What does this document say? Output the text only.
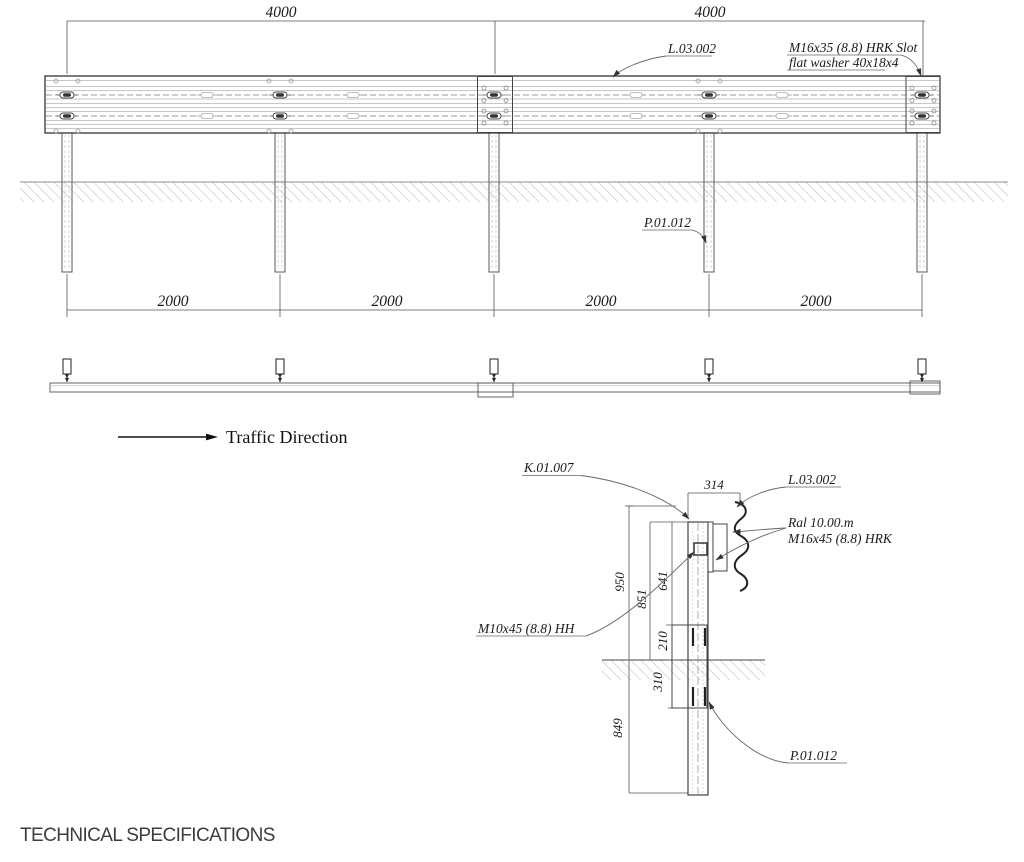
4000	4000
L.03.002	M16x35 (8.8) HRK Slot
flat washer 40x18x4
P.01.012
2000	2000	2000	2000
Traffic Direction
950
851
641
210
310
849
314
K.01.007
L.03.002
Ral 10.00.m
M16x45 (8.8) HRK
M10x45 (8.8) HH
P.01.012
TECHNICAL SPECIFICATIONS
